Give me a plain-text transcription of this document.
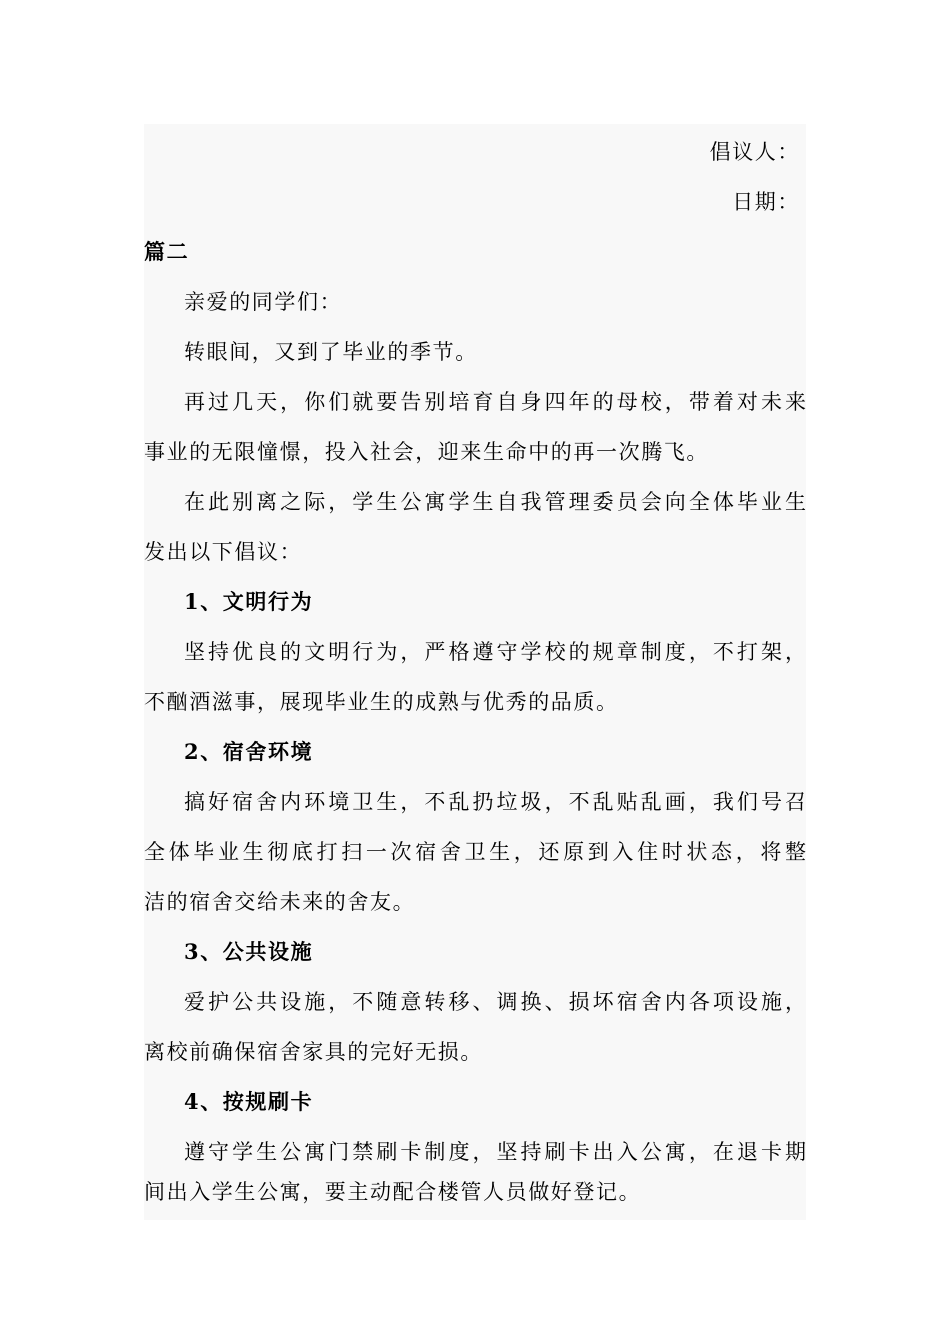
倡议人：
日期：
篇二
亲爱的同学们：
转眼间，又到了毕业的季节。
再过几天，你们就要告别培育自身四年的母校，带着对未来
事业的无限憧憬，投入社会，迎来生命中的再一次腾飞。
在此别离之际，学生公寓学生自我管理委员会向全体毕业生
发出以下倡议：
1、文明行为
坚持优良的文明行为，严格遵守学校的规章制度，不打架，
不酗酒滋事，展现毕业生的成熟与优秀的品质。
2、宿舍环境
搞好宿舍内环境卫生，不乱扔垃圾，不乱贴乱画，我们号召
全体毕业生彻底打扫一次宿舍卫生，还原到入住时状态，将整
洁的宿舍交给未来的舍友。
3、公共设施
爱护公共设施，不随意转移、调换、损坏宿舍内各项设施，
离校前确保宿舍家具的完好无损。
4、按规刷卡
遵守学生公寓门禁刷卡制度，坚持刷卡出入公寓，在退卡期
间出入学生公寓，要主动配合楼管人员做好登记。
